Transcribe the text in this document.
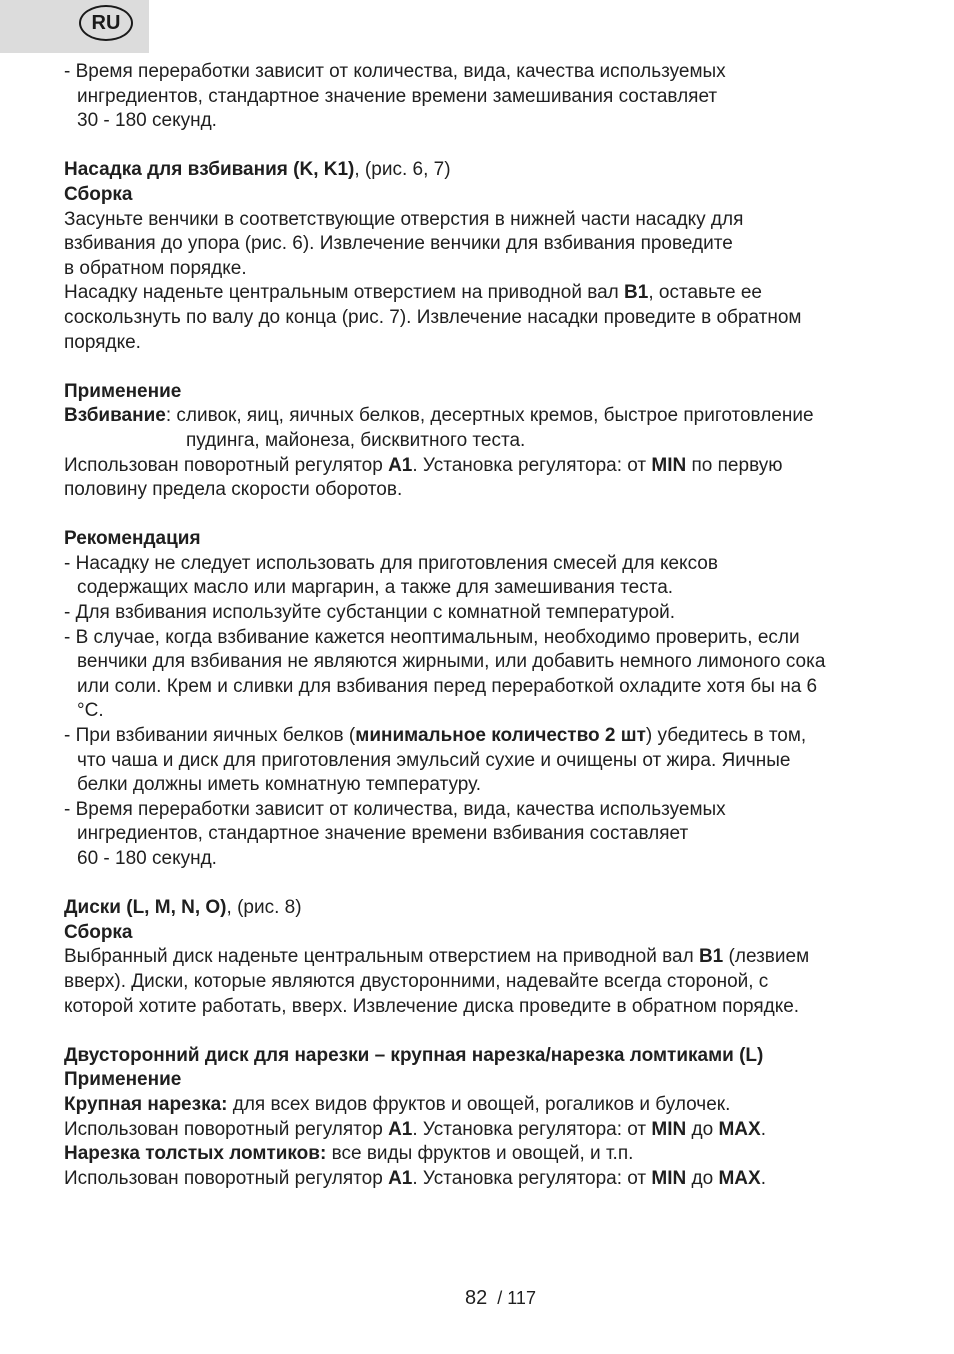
RU

- Время переработки зависит от количества, вида, качества используемых

ингредиентов, стандартное значение времени замешивания составляет

30 - 180 секунд.

Насадка для взбивания (K, K1), (рис. 6, 7)

Сборка

Засуньте венчики в соответствующие отверстия в нижней части насадку для

взбивания до упора (рис. 6). Извлечение венчики для взбивания проведите

в обратном порядке.

Насадку наденьте центральным отверстием на приводной вал B1, оставьте ее

соскользнуть по валу до конца (рис. 7). Извлечение насадки проведите в обратном

порядке.

Применение

Взбивание: сливок, яиц, яичных белков, десертных кремов, быстрое приготовление

пудинга, майонеза, бисквитного теста.

Использован поворотный регулятор A1. Установка регулятора: от MIN по первую

половину предела скорости оборотов.

Рекомендация

- Насадку не следует использовать для приготовления смесей для кексов

содержащих масло или маргарин, а также для замешивания теста.

- Для взбивания используйте субстанции с комнатной температурой.

- В случае, когда взбивание кажется неоптимальным, необходимо проверить, если

венчики для взбивания не являются жирными, или добавить немного лимоного сока

или соли. Крем и сливки для взбивания перед переработкой охладите хотя бы на 6

°C.

- При взбивании яичных белков (минимальное количество 2 шт) убедитесь в том,

что чаша и диск для приготовления эмульсий сухие и очищены от жира. Яичные

белки должны иметь комнатную температуру.

- Время переработки зависит от количества, вида, качества используемых

ингредиентов, стандартное значение времени взбивания составляет

60 - 180 секунд.

Диски (L, M, N, O), (рис. 8)

Сборка

Выбранный диск наденьте центральным отверстием на приводной вал B1 (лезвием

вверх). Диски, которые являются двусторонними, надевайте всегда стороной, с

которой хотите работать, вверх. Извлечение диска проведите в обратном порядке.

Двусторонний диск для нарезки – крупная нарезка/нарезка ломтиками (L)

Применение

Крупная нарезка: для всех видов фруктов и овощей, рогаликов и булочек.

Использован поворотный регулятор A1. Установка регулятора: от MIN до MAX.

Нарезка толстых ломтиков: все виды фруктов и овощей, и т.п.

Использован поворотный регулятор A1. Установка регулятора: от MIN до MAX.

82 / 117
